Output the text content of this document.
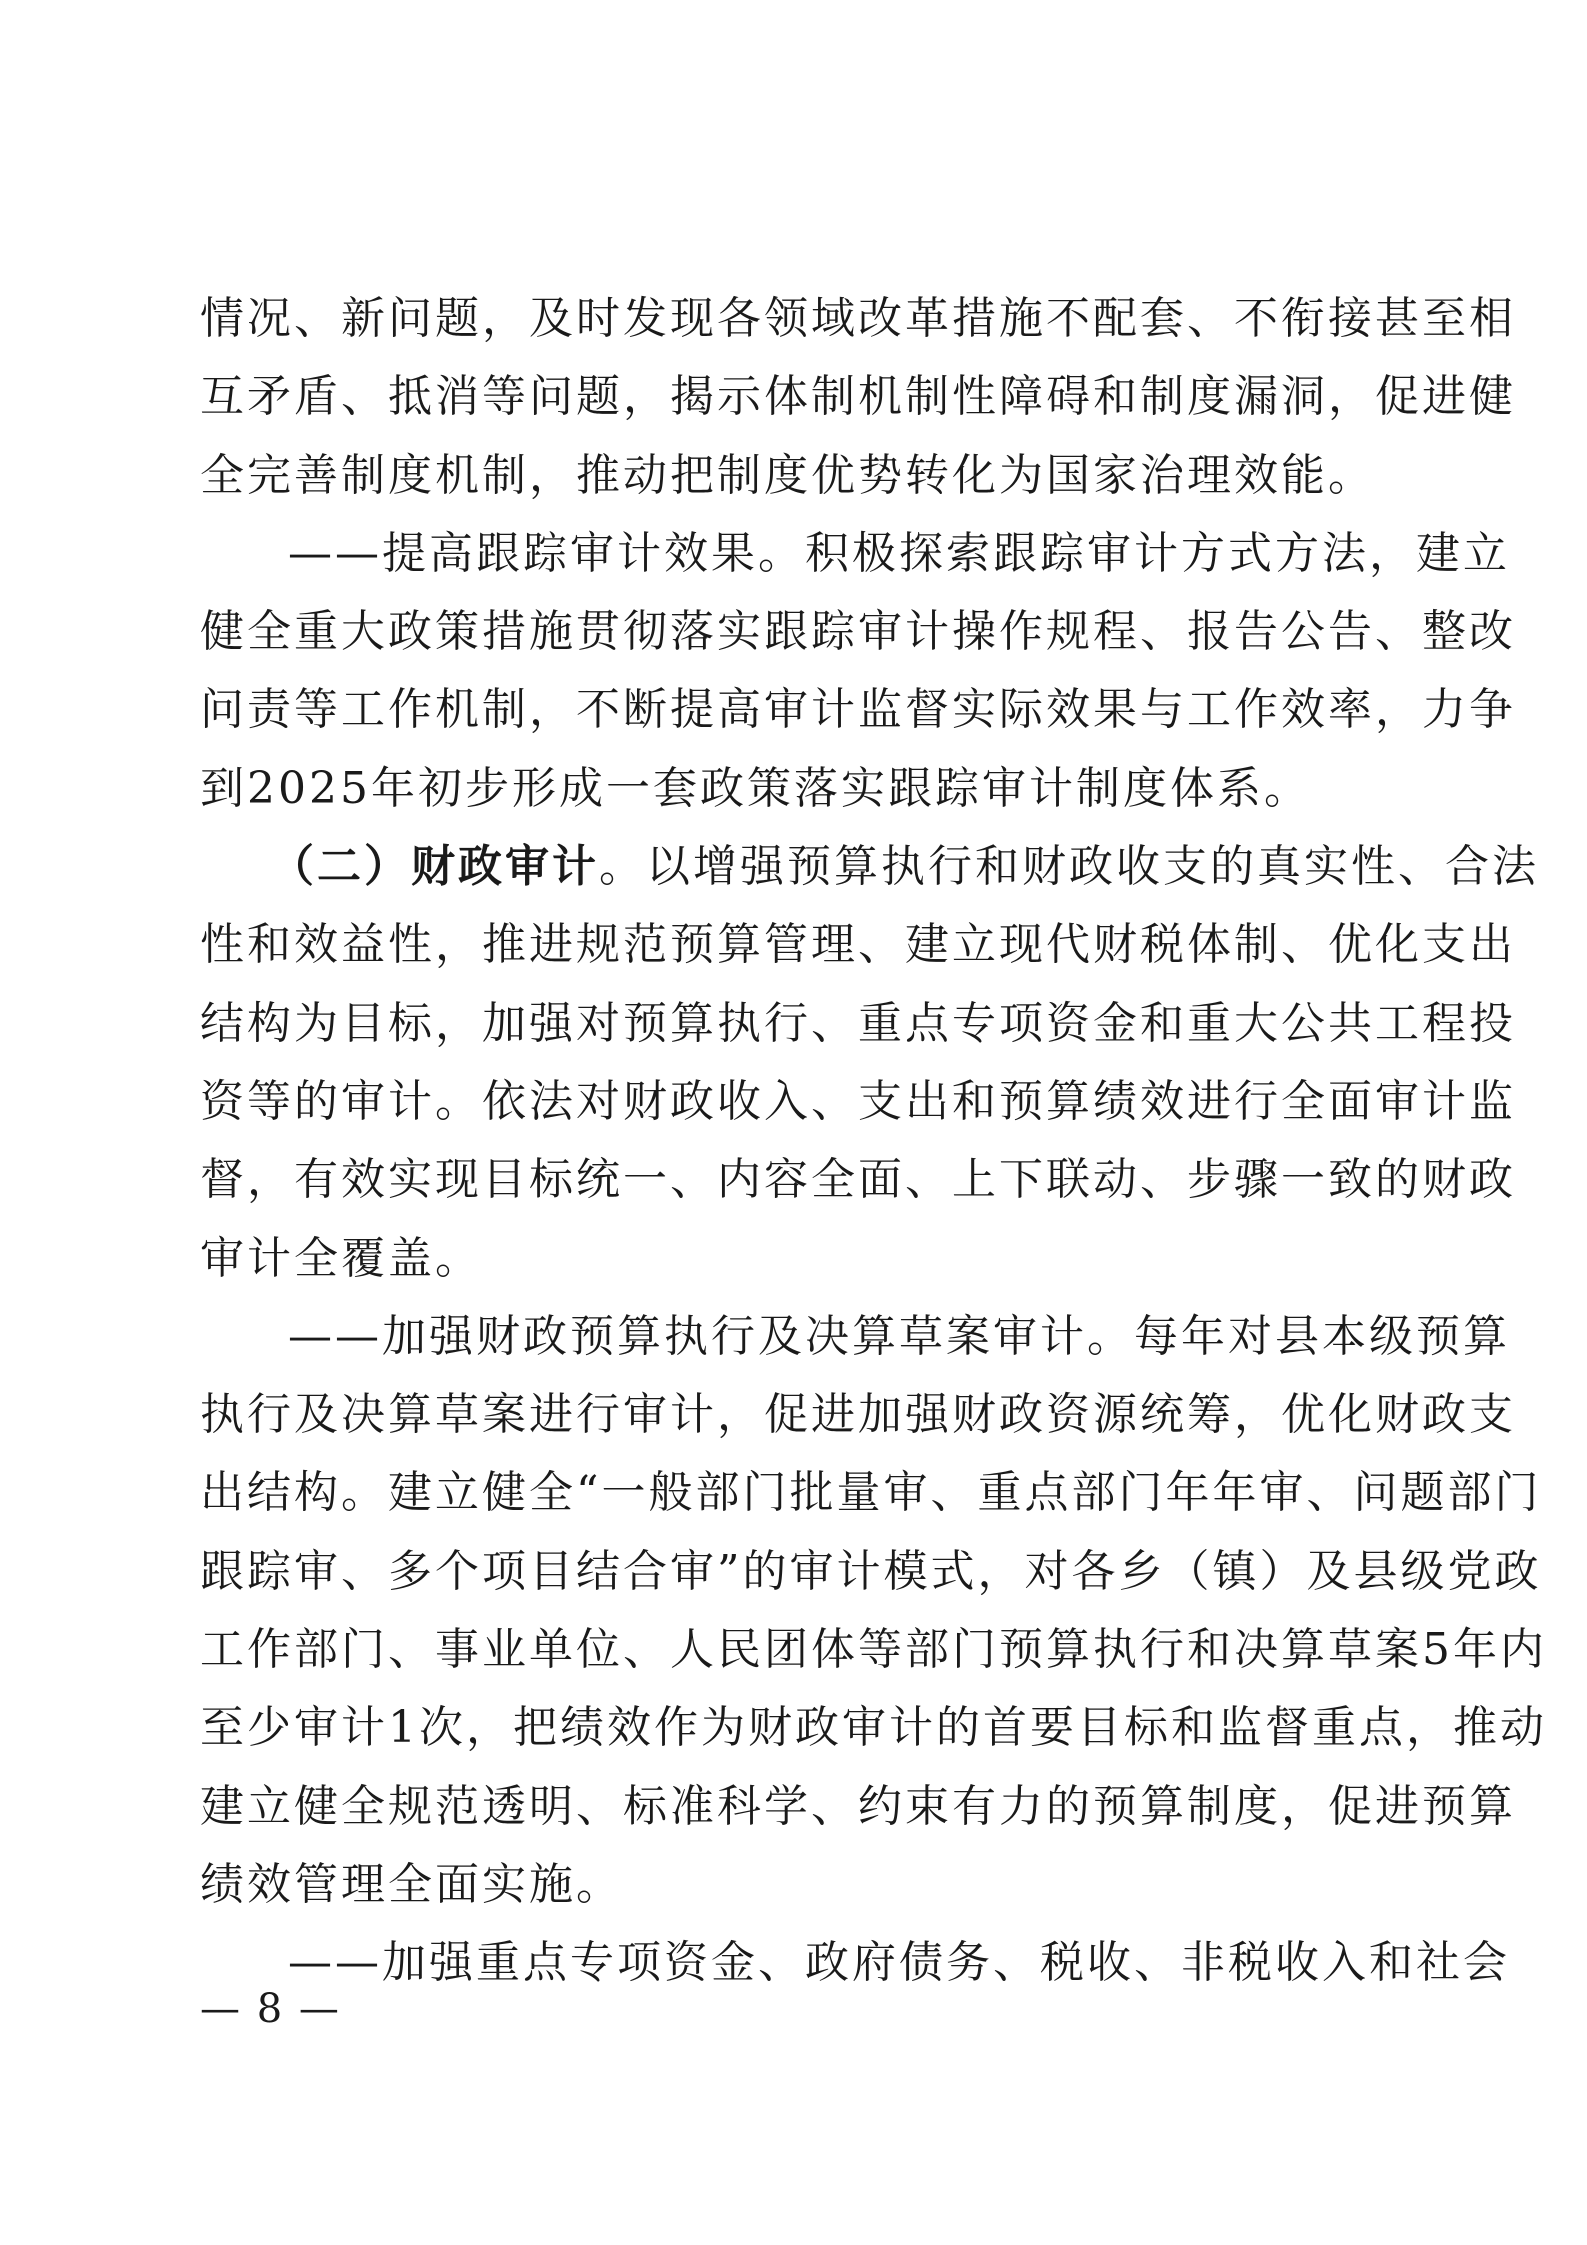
情况、新问题，及时发现各领域改革措施不配套、不衔接甚至相
互矛盾、抵消等问题，揭示体制机制性障碍和制度漏洞，促进健
全完善制度机制，推动把制度优势转化为国家治理效能。
——提高跟踪审计效果。积极探索跟踪审计方式方法，建立
健全重大政策措施贯彻落实跟踪审计操作规程、报告公告、整改
问责等工作机制，不断提高审计监督实际效果与工作效率，力争
到2025年初步形成一套政策落实跟踪审计制度体系。
（二）财政审计。以增强预算执行和财政收支的真实性、合法
性和效益性，推进规范预算管理、建立现代财税体制、优化支出
结构为目标，加强对预算执行、重点专项资金和重大公共工程投
资等的审计。依法对财政收入、支出和预算绩效进行全面审计监
督，有效实现目标统一、内容全面、上下联动、步骤一致的财政
审计全覆盖。
——加强财政预算执行及决算草案审计。每年对县本级预算
执行及决算草案进行审计，促进加强财政资源统筹，优化财政支
出结构。建立健全“一般部门批量审、重点部门年年审、问题部门
跟踪审、多个项目结合审”的审计模式，对各乡（镇）及县级党政
工作部门、事业单位、人民团体等部门预算执行和决算草案5年内
至少审计1次，把绩效作为财政审计的首要目标和监督重点，推动
建立健全规范透明、标准科学、约束有力的预算制度，促进预算
绩效管理全面实施。
——加强重点专项资金、政府债务、税收、非税收入和社会
— 8 —
